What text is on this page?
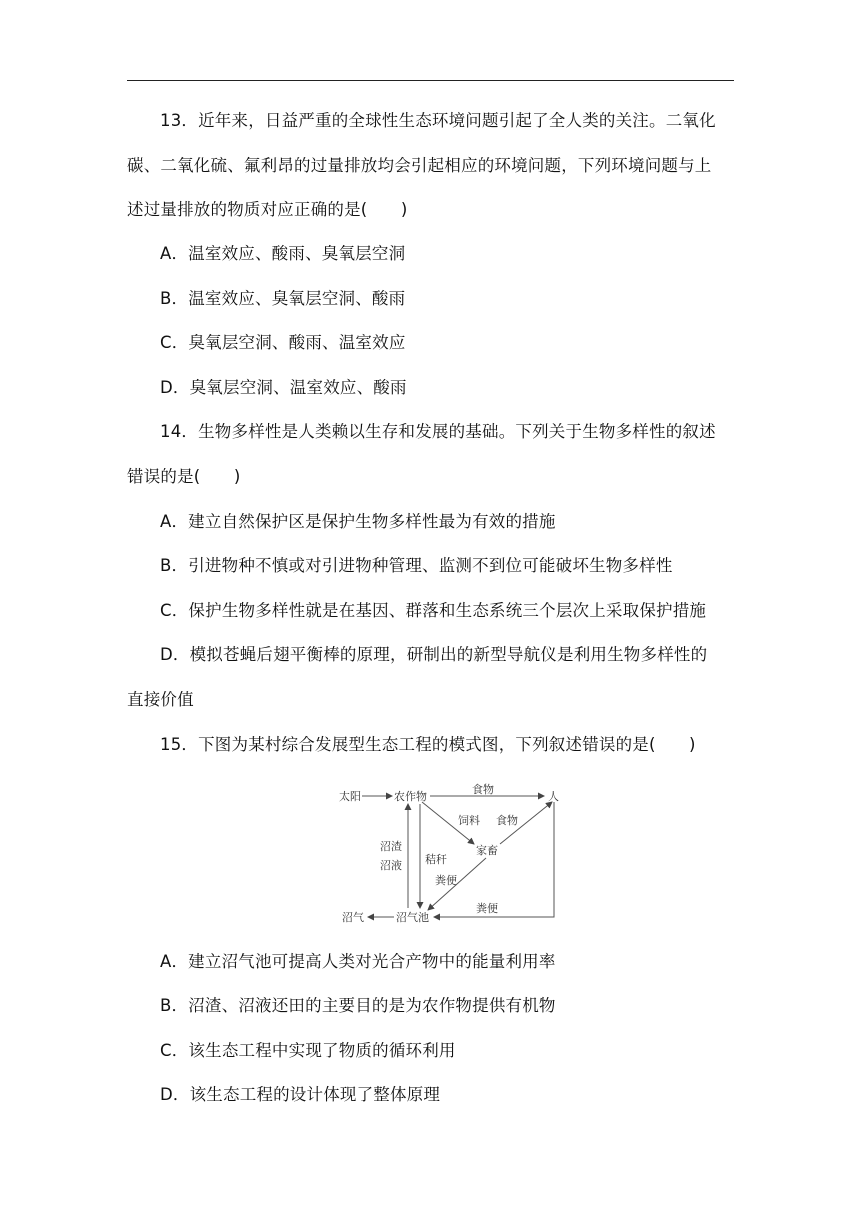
13．近年来，日益严重的全球性生态环境问题引起了全人类的关注。二氧化
碳、二氧化硫、氟利昂的过量排放均会引起相应的环境问题，下列环境问题与上
述过量排放的物质对应正确的是(　　)
A．温室效应、酸雨、臭氧层空洞
B．温室效应、臭氧层空洞、酸雨
C．臭氧层空洞、酸雨、温室效应
D．臭氧层空洞、温室效应、酸雨
14．生物多样性是人类赖以生存和发展的基础。下列关于生物多样性的叙述
错误的是(　　)
A．建立自然保护区是保护生物多样性最为有效的措施
B．引进物种不慎或对引进物种管理、监测不到位可能破坏生物多样性
C．保护生物多样性就是在基因、群落和生态系统三个层次上采取保护措施
D．模拟苍蝇后翅平衡棒的原理，研制出的新型导航仪是利用生物多样性的
直接价值
15．下图为某村综合发展型生态工程的模式图，下列叙述错误的是(　　)
太阳	农作物
食物
人
饲料 食物
家畜
沼渣
沼液 秸秆
粪便
粪便
沼气	沼气池
A．建立沼气池可提高人类对光合产物中的能量利用率
B．沼渣、沼液还田的主要目的是为农作物提供有机物
C．该生态工程中实现了物质的循环利用
D．该生态工程的设计体现了整体原理
